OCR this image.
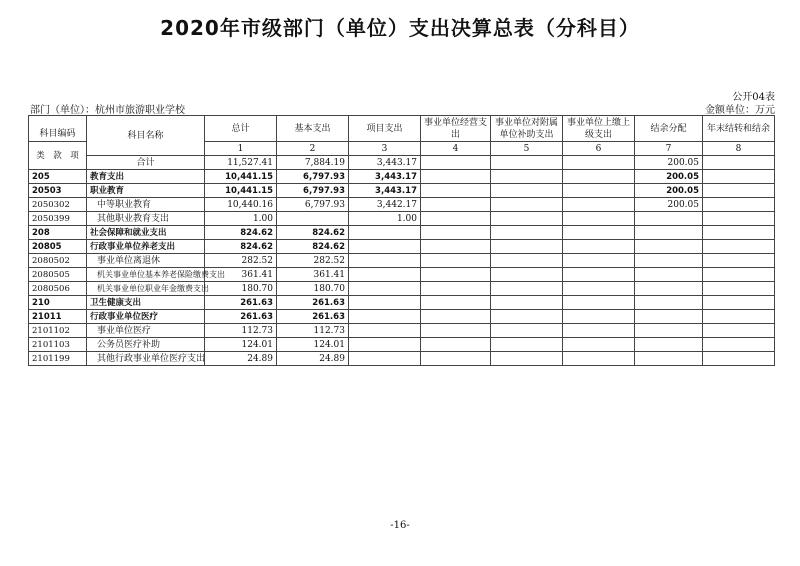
2020年市级部门（单位）支出决算总表（分科目）
公开04表
部门（单位）：杭州市旅游职业学校	金额单位：万元
科目编码	科目名称	总计	基本支出	项目支出	事业单位经营支出	事业单位对附属单位补助支出	事业单位上缴上级支出	结余分配	年末结转和结余

类 款 项		1	2	3	4	5	6	7	8
	合计	11,527.41	7,884.19	3,443.17				200.05	
205	教育支出	10,441.15	6,797.93	3,443.17				200.05	
20503	职业教育	10,441.15	6,797.93	3,443.17				200.05	
2050302	中等职业教育	10,440.16	6,797.93	3,442.17				200.05	
2050399	其他职业教育支出	1.00		1.00					
208	社会保障和就业支出	824.62	824.62						
20805	行政事业单位养老支出	824.62	824.62						
2080502	事业单位离退休	282.52	282.52						
2080505	机关事业单位基本养老保险缴费支出	361.41	361.41						
2080506	机关事业单位职业年金缴费支出	180.70	180.70						
210	卫生健康支出	261.63	261.63						
21011	行政事业单位医疗	261.63	261.63						
2101102	事业单位医疗	112.73	112.73						
2101103	公务员医疗补助	124.01	124.01						
2101199	其他行政事业单位医疗支出	24.89	24.89						
-16-
